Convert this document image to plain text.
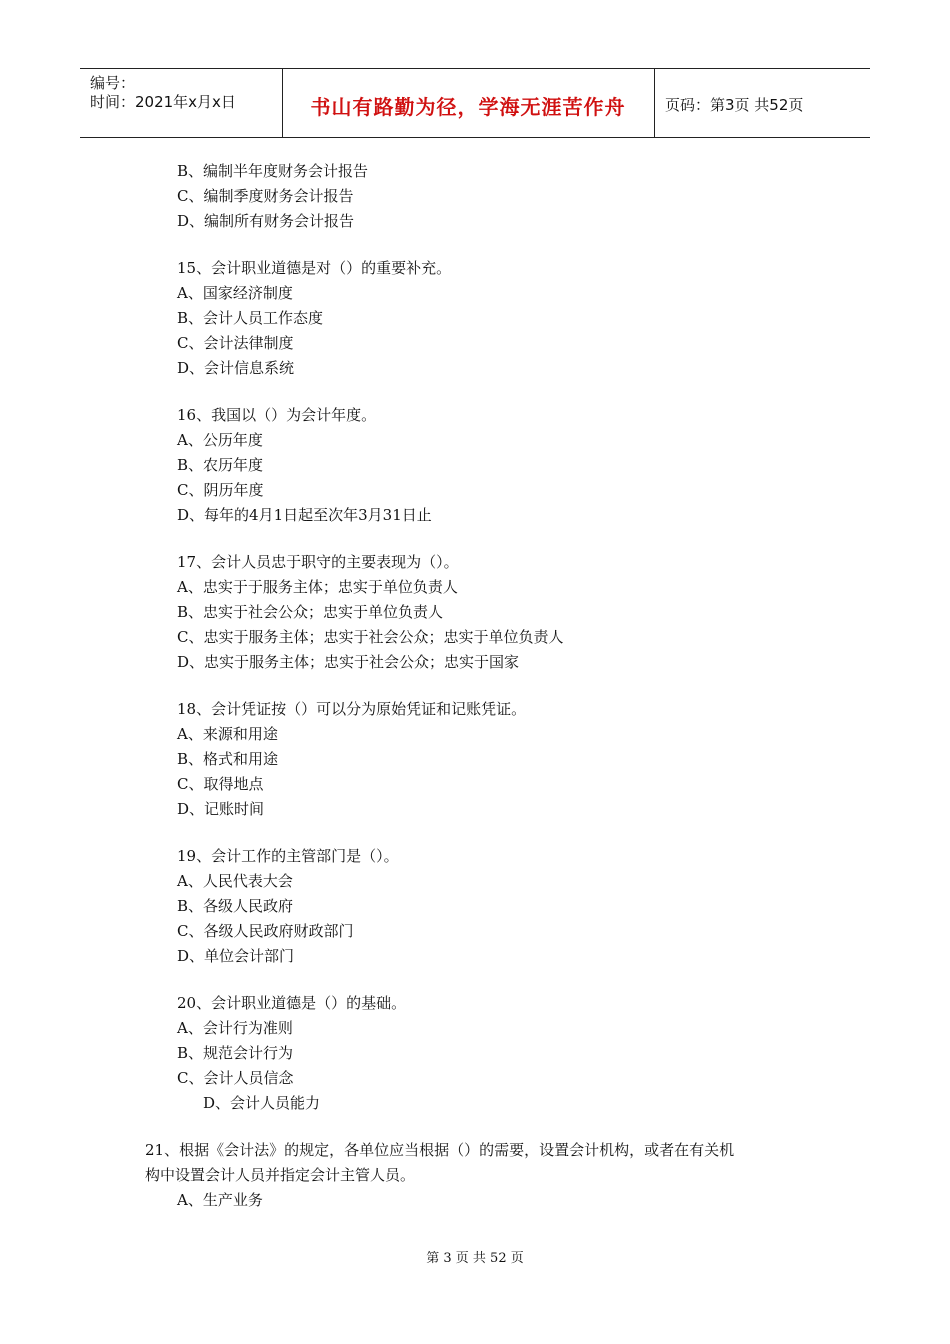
编号：
时间：2021年x月x日	书山有路勤为径，学海无涯苦作舟	页码：第3页 共52页
B、编制半年度财务会计报告
C、编制季度财务会计报告
D、编制所有财务会计报告
15、会计职业道德是对（）的重要补充。
A、国家经济制度
B、会计人员工作态度
C、会计法律制度
D、会计信息系统
16、我国以（）为会计年度。
A、公历年度
B、农历年度
C、阴历年度
D、每年的4月1日起至次年3月31日止
17、会计人员忠于职守的主要表现为（）。
A、忠实于于服务主体；忠实于单位负责人
B、忠实于社会公众；忠实于单位负责人
C、忠实于服务主体；忠实于社会公众；忠实于单位负责人
D、忠实于服务主体；忠实于社会公众；忠实于国家
18、会计凭证按（）可以分为原始凭证和记账凭证。
A、来源和用途
B、格式和用途
C、取得地点
D、记账时间
19、会计工作的主管部门是（）。
A、人民代表大会
B、各级人民政府
C、各级人民政府财政部门
D、单位会计部门
20、会计职业道德是（）的基础。
A、会计行为准则
B、规范会计行为
C、会计人员信念
D、会计人员能力
21、根据《会计法》的规定，各单位应当根据（）的需要，设置会计机构，或者在有关机
构中设置会计人员并指定会计主管人员。
A、生产业务
第 3 页 共 52 页
